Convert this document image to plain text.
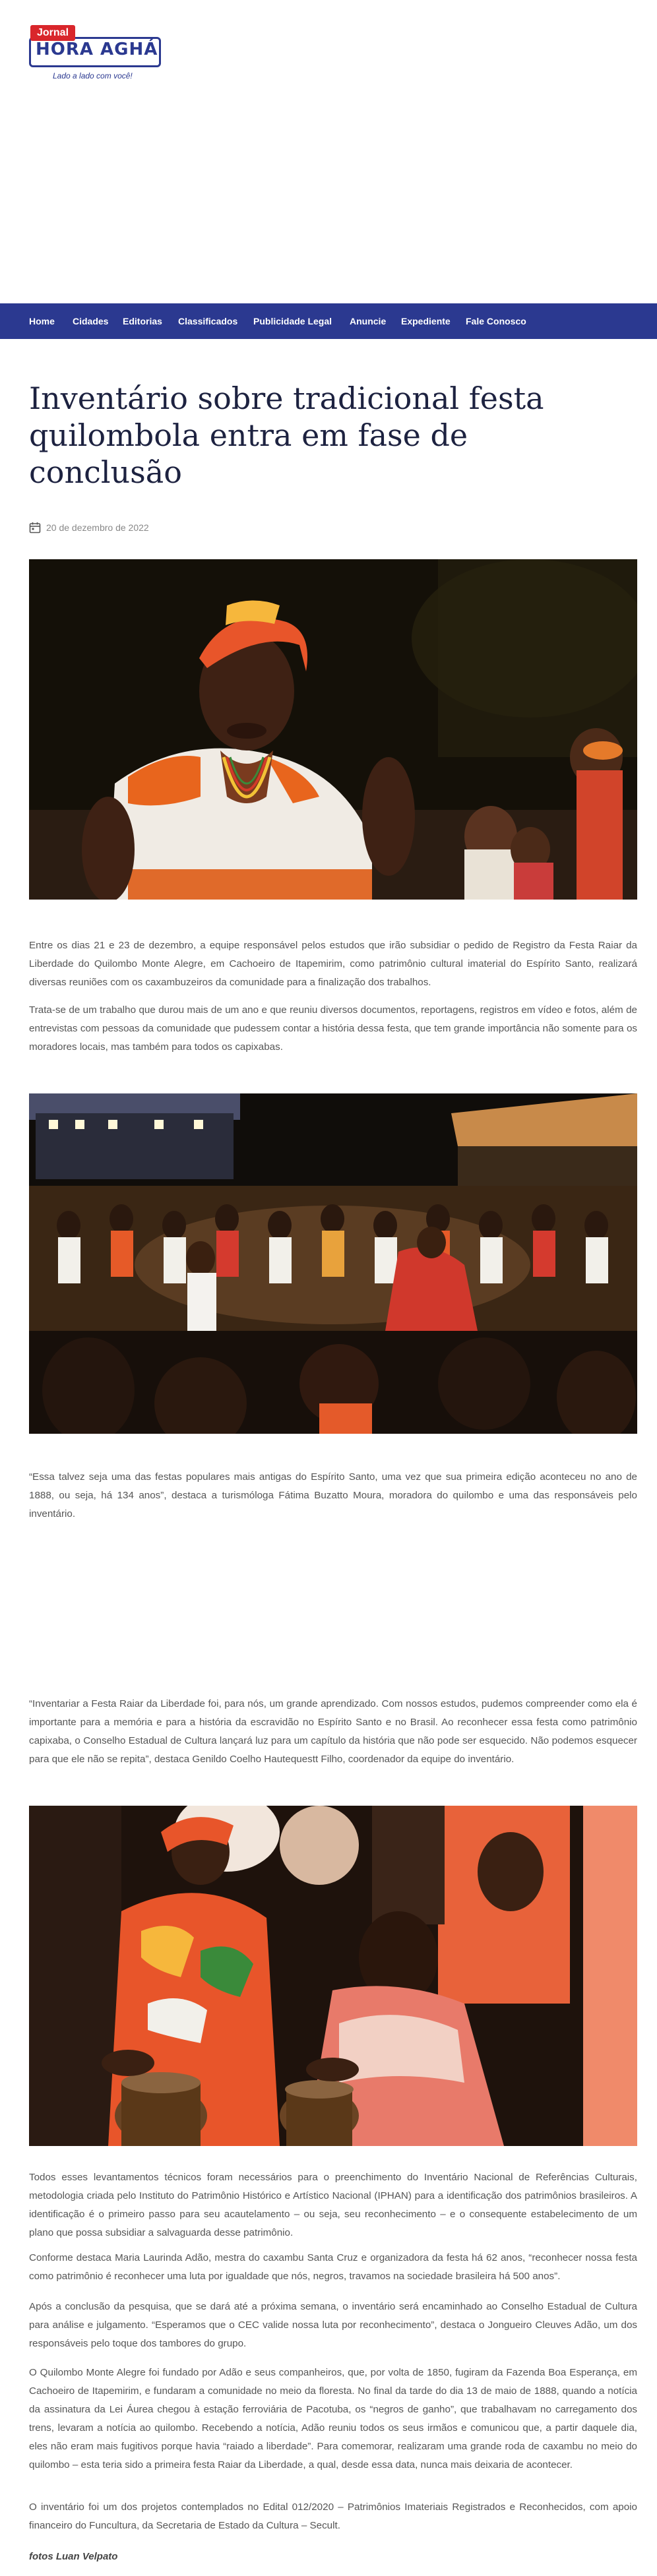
Jornal
HORA AGHÁ
Lado a lado com você!
Home Cidades Editorias Classificados Publicidade Legal Anuncie Expediente Fale Conosco
Inventário sobre tradicional festa quilombola entra em fase de conclusão
20 de dezembro de 2022

Entre os dias 21 e 23 de dezembro, a equipe responsável pelos estudos que irão subsidiar o pedido de Registro da Festa Raiar da Liberdade do Quilombo Monte Alegre, em Cachoeiro de Itapemirim, como patrimônio cultural imaterial do Espírito Santo, realizará diversas reuniões com os caxambuzeiros da comunidade para a finalização dos trabalhos.

Trata-se de um trabalho que durou mais de um ano e que reuniu diversos documentos, reportagens, registros em vídeo e fotos, além de entrevistas com pessoas da comunidade que pudessem contar a história dessa festa, que tem grande importância não somente para os moradores locais, mas também para todos os capixabas.

“Essa talvez seja uma das festas populares mais antigas do Espírito Santo, uma vez que sua primeira edição aconteceu no ano de 1888, ou seja, há 134 anos”, destaca a turismóloga Fátima Buzatto Moura, moradora do quilombo e uma das responsáveis pelo inventário.

“Inventariar a Festa Raiar da Liberdade foi, para nós, um grande aprendizado. Com nossos estudos, pudemos compreender como ela é importante para a memória e para a história da escravidão no Espírito Santo e no Brasil. Ao reconhecer essa festa como patrimônio capixaba, o Conselho Estadual de Cultura lançará luz para um capítulo da história que não pode ser esquecido. Não podemos esquecer para que ele não se repita”, destaca Genildo Coelho Hautequestt Filho, coordenador da equipe do inventário.

Todos esses levantamentos técnicos foram necessários para o preenchimento do Inventário Nacional de Referências Culturais, metodologia criada pelo Instituto do Patrimônio Histórico e Artístico Nacional (IPHAN) para a identificação dos patrimônios brasileiros. A identificação é o primeiro passo para seu acautelamento – ou seja, seu reconhecimento – e o consequente estabelecimento de um plano que possa subsidiar a salvaguarda desse patrimônio.

Conforme destaca Maria Laurinda Adão, mestra do caxambu Santa Cruz e organizadora da festa há 62 anos, “reconhecer nossa festa como patrimônio é reconhecer uma luta por igualdade que nós, negros, travamos na sociedade brasileira há 500 anos”.

Após a conclusão da pesquisa, que se dará até a próxima semana, o inventário será encaminhado ao Conselho Estadual de Cultura para análise e julgamento. “Esperamos que o CEC valide nossa luta por reconhecimento”, destaca o Jongueiro Cleuves Adão, um dos responsáveis pelo toque dos tambores do grupo.

O Quilombo Monte Alegre foi fundado por Adão e seus companheiros, que, por volta de 1850, fugiram da Fazenda Boa Esperança, em Cachoeiro de Itapemirim, e fundaram a comunidade no meio da floresta. No final da tarde do dia 13 de maio de 1888, quando a notícia da assinatura da Lei Áurea chegou à estação ferroviária de Pacotuba, os “negros de ganho”, que trabalhavam no carregamento dos trens, levaram a notícia ao quilombo. Recebendo a notícia, Adão reuniu todos os seus irmãos e comunicou que, a partir daquele dia, eles não eram mais fugitivos porque havia “raiado a liberdade”. Para comemorar, realizaram uma grande roda de caxambu no meio do quilombo – esta teria sido a primeira festa Raiar da Liberdade, a qual, desde essa data, nunca mais deixaria de acontecer.

O inventário foi um dos projetos contemplados no Edital 012/2020 – Patrimônios Imateriais Registrados e Reconhecidos, com apoio financeiro do Funcultura, da Secretaria de Estado da Cultura – Secult.

fotos Luan Velpato
